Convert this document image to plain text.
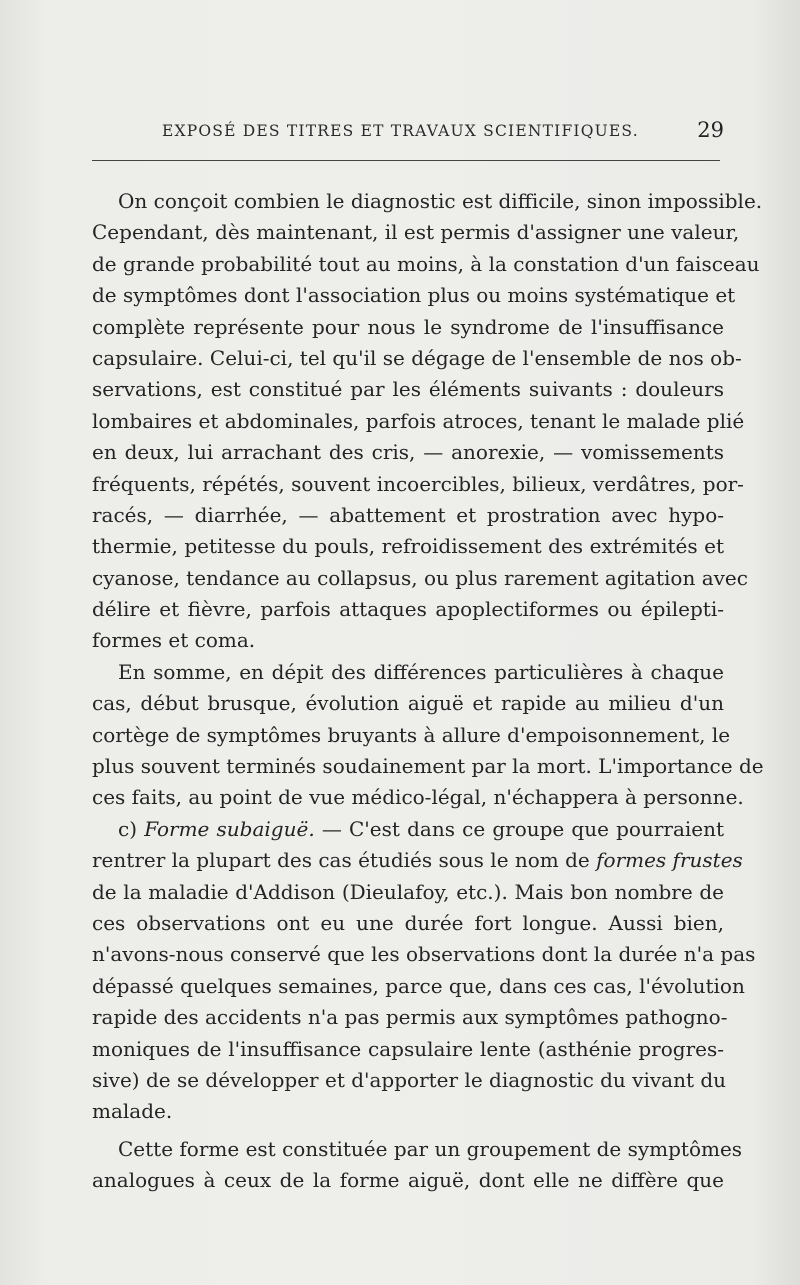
EXPOSÉ DES TITRES ET TRAVAUX SCIENTIFIQUES.	29
On conçoit combien le diagnostic est difficile, sinon impossible.
Cependant, dès maintenant, il est permis d'assigner une valeur,
de grande probabilité tout au moins, à la constation d'un faisceau
de symptômes dont l'association plus ou moins systématique et
complète représente pour nous le syndrome de l'insuffisance
capsulaire. Celui-ci, tel qu'il se dégage de l'ensemble de nos ob-
servations, est constitué par les éléments suivants : douleurs
lombaires et abdominales, parfois atroces, tenant le malade plié
en deux, lui arrachant des cris, — anorexie, — vomissements
fréquents, répétés, souvent incoercibles, bilieux, verdâtres, por-
racés, — diarrhée, — abattement et prostration avec hypo-
thermie, petitesse du pouls, refroidissement des extrémités et
cyanose, tendance au collapsus, ou plus rarement agitation avec
délire et fièvre, parfois attaques apoplectiformes ou épilepti-
formes et coma.
En somme, en dépit des différences particulières à chaque
cas, début brusque, évolution aiguë et rapide au milieu d'un
cortège de symptômes bruyants à allure d'empoisonnement, le
plus souvent terminés soudainement par la mort. L'importance de
ces faits, au point de vue médico-légal, n'échappera à personne.
c) Forme subaiguë. — C'est dans ce groupe que pourraient
rentrer la plupart des cas étudiés sous le nom de formes frustes
de la maladie d'Addison (Dieulafoy, etc.). Mais bon nombre de
ces observations ont eu une durée fort longue. Aussi bien,
n'avons-nous conservé que les observations dont la durée n'a pas
dépassé quelques semaines, parce que, dans ces cas, l'évolution
rapide des accidents n'a pas permis aux symptômes pathogno-
moniques de l'insuffisance capsulaire lente (asthénie progres-
sive) de se développer et d'apporter le diagnostic du vivant du
malade.
Cette forme est constituée par un groupement de symptômes
analogues à ceux de la forme aiguë, dont elle ne diffère que
